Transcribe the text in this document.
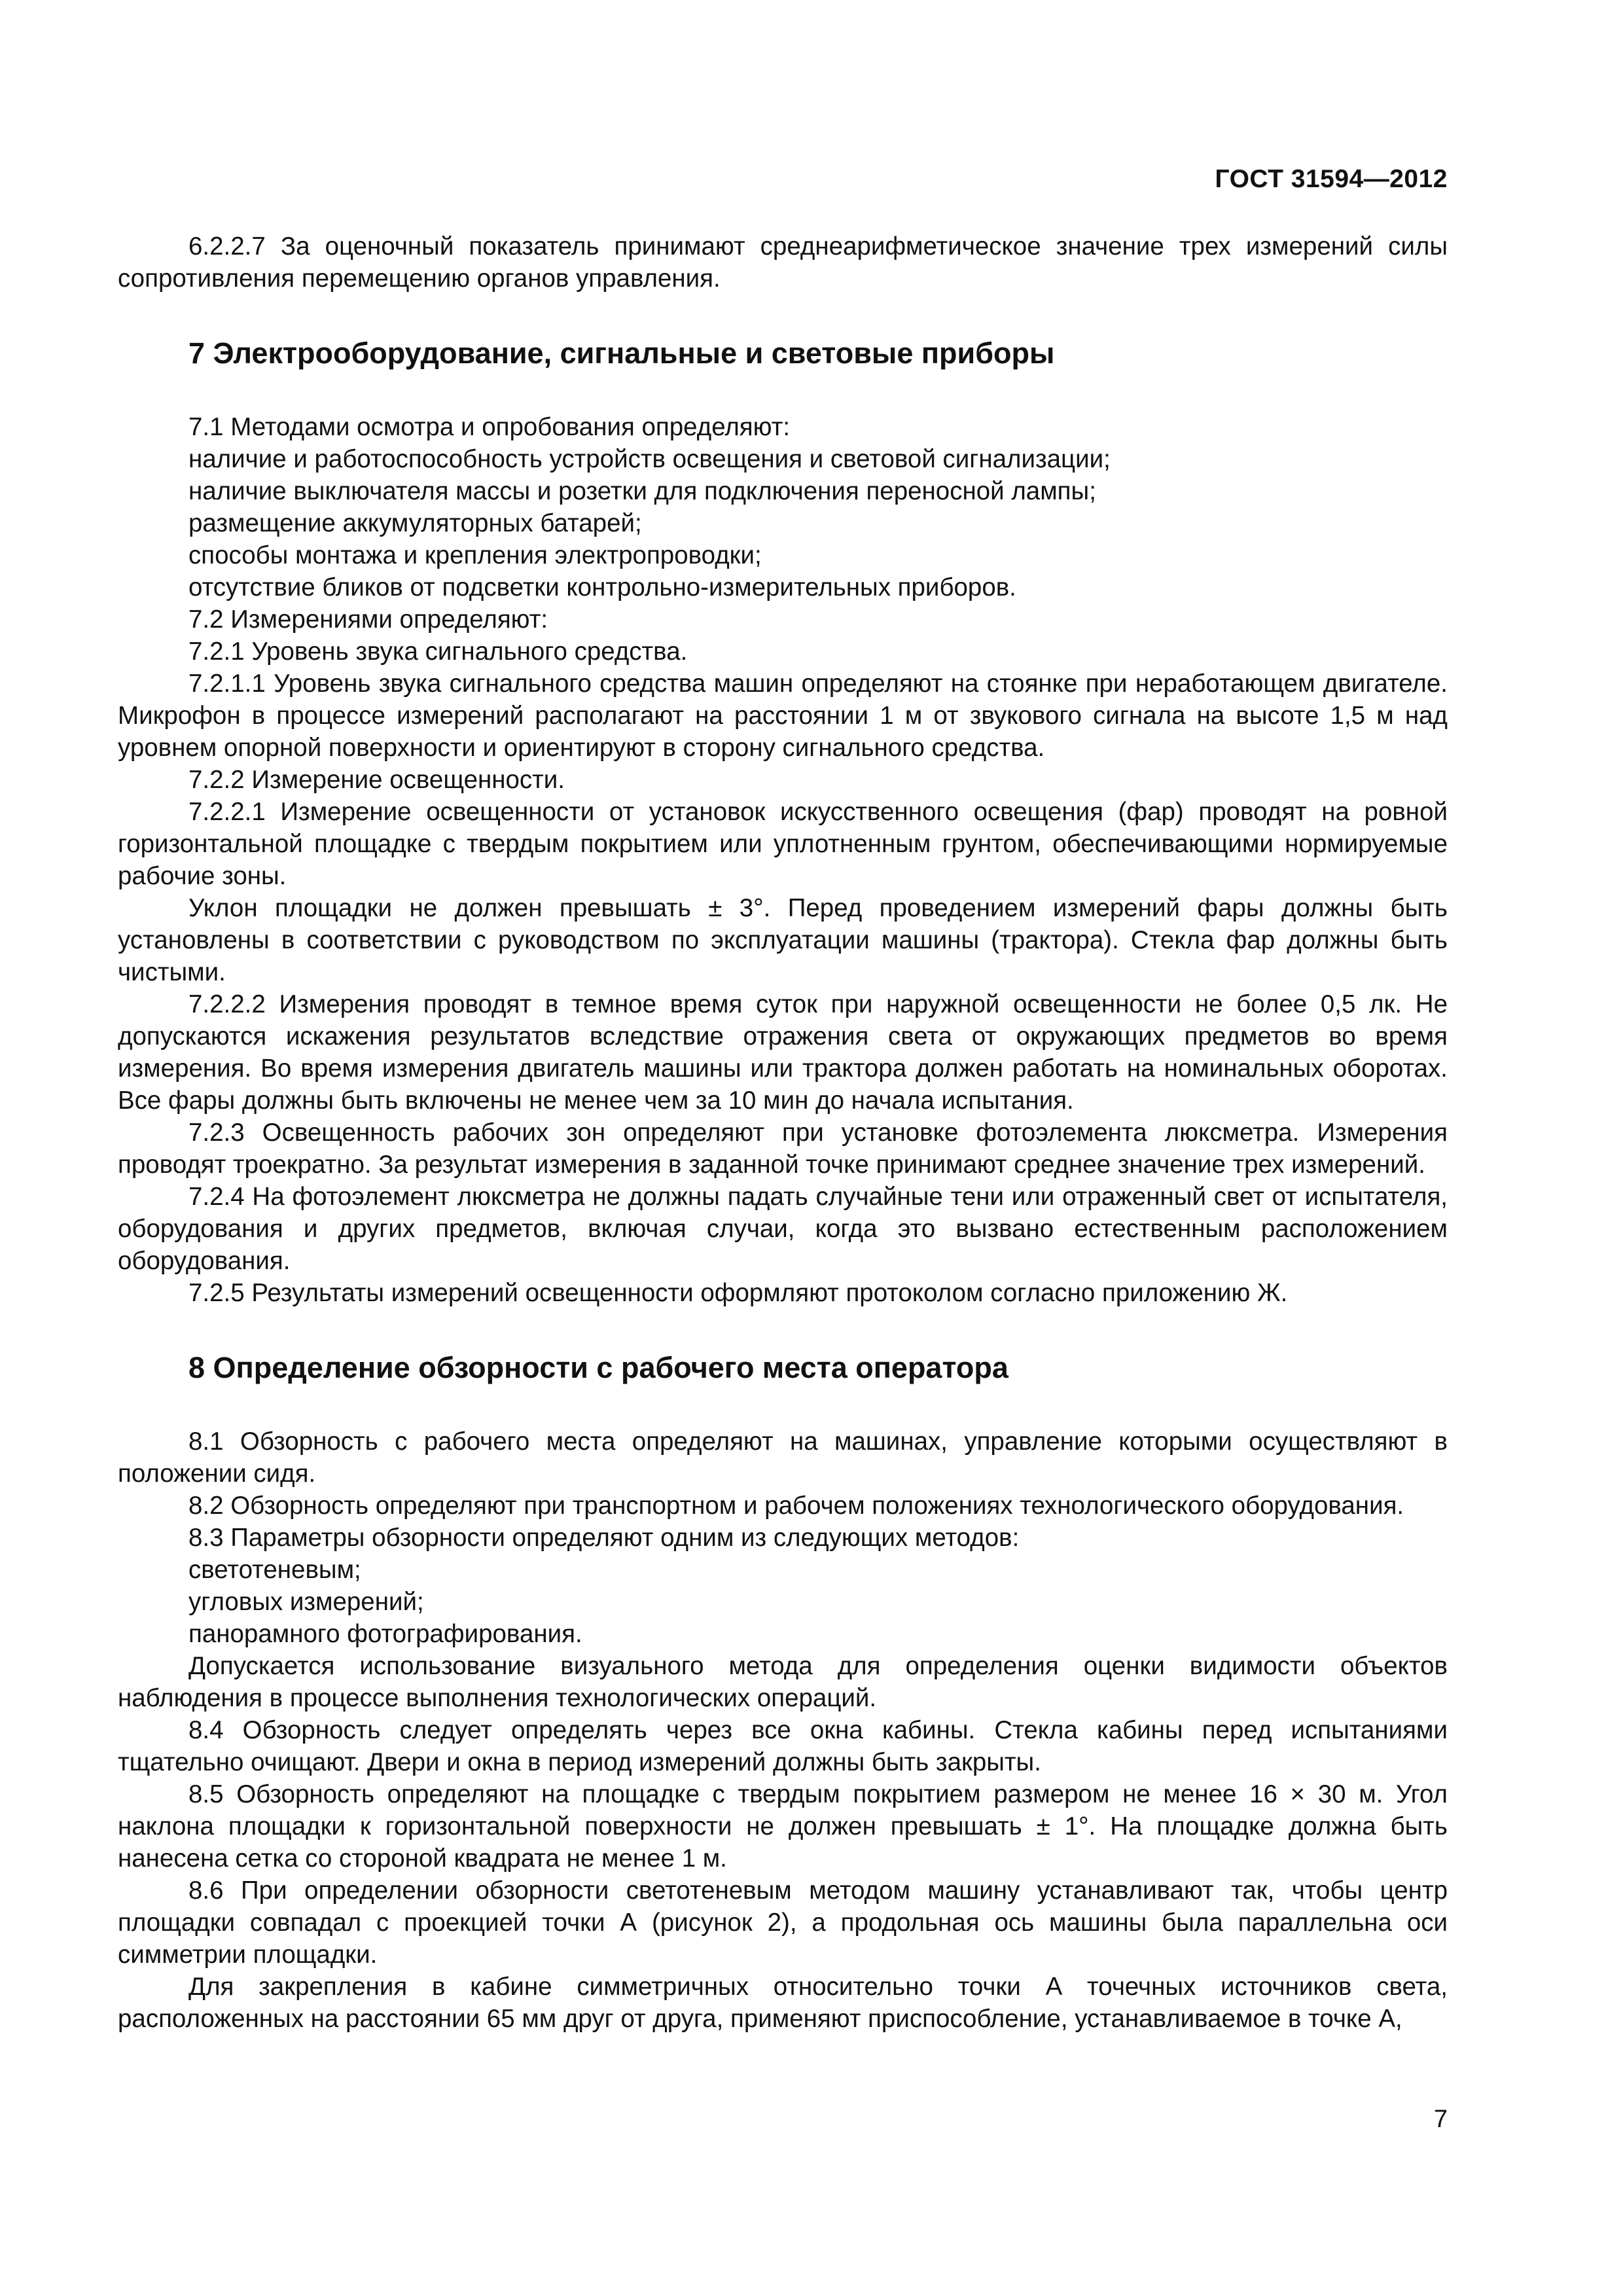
ГОСТ 31594—2012

6.2.2.7 За оценочный показатель принимают среднеарифметическое значение трех измерений силы сопротивления перемещению органов управления.

7 Электрооборудование, сигнальные и световые приборы

7.1 Методами осмотра и опробования определяют:

наличие и работоспособность устройств освещения и световой сигнализации;

наличие выключателя массы и розетки для подключения переносной лампы;

размещение аккумуляторных батарей;

способы монтажа и крепления электропроводки;

отсутствие бликов от подсветки контрольно-измерительных приборов.

7.2 Измерениями определяют:

7.2.1 Уровень звука сигнального средства.

7.2.1.1 Уровень звука сигнального средства машин определяют на стоянке при неработающем двигателе. Микрофон в процессе измерений располагают на расстоянии 1 м от звукового сигнала на высоте 1,5 м над уровнем опорной поверхности и ориентируют в сторону сигнального средства.

7.2.2 Измерение освещенности.

7.2.2.1 Измерение освещенности от установок искусственного освещения (фар) проводят на ровной горизонтальной площадке с твердым покрытием или уплотненным грунтом, обеспечивающими нормируемые рабочие зоны.

Уклон площадки не должен превышать ± 3°. Перед проведением измерений фары должны быть установлены в соответствии с руководством по эксплуатации машины (трактора). Стекла фар должны быть чистыми.

7.2.2.2 Измерения проводят в темное время суток при наружной освещенности не более 0,5 лк. Не допускаются искажения результатов вследствие отражения света от окружающих предметов во время измерения. Во время измерения двигатель машины или трактора должен работать на номинальных оборотах. Все фары должны быть включены не менее чем за 10 мин до начала испытания.

7.2.3 Освещенность рабочих зон определяют при установке фотоэлемента люксметра. Измерения проводят троекратно. За результат измерения в заданной точке принимают среднее значение трех измерений.

7.2.4 На фотоэлемент люксметра не должны падать случайные тени или отраженный свет от испытателя, оборудования и других предметов, включая случаи, когда это вызвано естественным расположением оборудования.

7.2.5 Результаты измерений освещенности оформляют протоколом согласно приложению Ж.

8 Определение обзорности с рабочего места оператора

8.1 Обзорность с рабочего места определяют на машинах, управление которыми осуществляют в положении сидя.

8.2 Обзорность определяют при транспортном и рабочем положениях технологического оборудования.

8.3 Параметры обзорности определяют одним из следующих методов:

светотеневым;

угловых измерений;

панорамного фотографирования.

Допускается использование визуального метода для определения оценки видимости объектов наблюдения в процессе выполнения технологических операций.

8.4 Обзорность следует определять через все окна кабины. Стекла кабины перед испытаниями тщательно очищают. Двери и окна в период измерений должны быть закрыты.

8.5 Обзорность определяют на площадке с твердым покрытием размером не менее 16 × 30 м. Угол наклона площадки к горизонтальной поверхности не должен превышать ± 1°. На площадке должна быть нанесена сетка со стороной квадрата не менее 1 м.

8.6 При определении обзорности светотеневым методом машину устанавливают так, чтобы центр площадки совпадал с проекцией точки А (рисунок 2), а продольная ось машины была параллельна оси симметрии площадки.

Для закрепления в кабине симметричных относительно точки А точечных источников света, расположенных на расстоянии 65 мм друг от друга, применяют приспособление, устанавливаемое в точке А,

7
